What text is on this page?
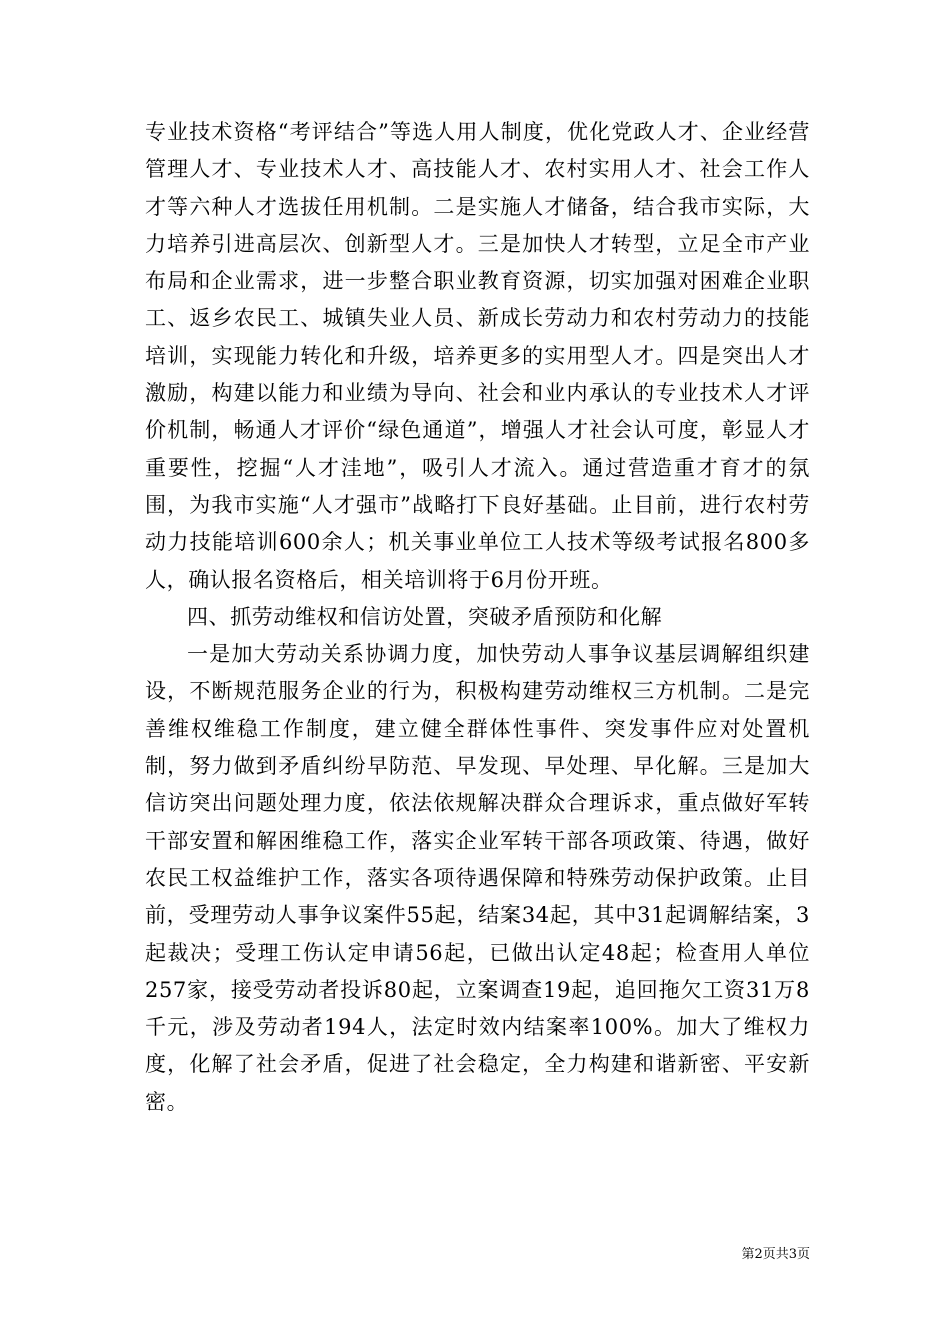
专业技术资格“考评结合”等选人用人制度，优化党政人才、企业经营管理人才、专业技术人才、高技能人才、农村实用人才、社会工作人才等六种人才选拔任用机制。二是实施人才储备，结合我市实际，大力培养引进高层次、创新型人才。三是加快人才转型，立足全市产业布局和企业需求，进一步整合职业教育资源，切实加强对困难企业职工、返乡农民工、城镇失业人员、新成长劳动力和农村劳动力的技能培训，实现能力转化和升级，培养更多的实用型人才。四是突出人才激励，构建以能力和业绩为导向、社会和业内承认的专业技术人才评价机制，畅通人才评价“绿色通道”，增强人才社会认可度，彰显人才重要性，挖掘“人才洼地”，吸引人才流入。通过营造重才育才的氛围，为我市实施“人才强市”战略打下良好基础。止目前，进行农村劳动力技能培训600余人；机关事业单位工人技术等级考试报名800多人，确认报名资格后，相关培训将于6月份开班。

四、抓劳动维权和信访处置，突破矛盾预防和化解

一是加大劳动关系协调力度，加快劳动人事争议基层调解组织建设，不断规范服务企业的行为，积极构建劳动维权三方机制。二是完善维权维稳工作制度，建立健全群体性事件、突发事件应对处置机制，努力做到矛盾纠纷早防范、早发现、早处理、早化解。三是加大信访突出问题处理力度，依法依规解决群众合理诉求，重点做好军转干部安置和解困维稳工作，落实企业军转干部各项政策、待遇，做好农民工权益维护工作，落实各项待遇保障和特殊劳动保护政策。止目前，受理劳动人事争议案件55起，结案34起，其中31起调解结案，3起裁决；受理工伤认定申请56起，已做出认定48起；检查用人单位257家，接受劳动者投诉80起，立案调查19起，追回拖欠工资31万8千元，涉及劳动者194人，法定时效内结案率100%。加大了维权力度，化解了社会矛盾，促进了社会稳定，全力构建和谐新密、平安新密。

第2页共3页
